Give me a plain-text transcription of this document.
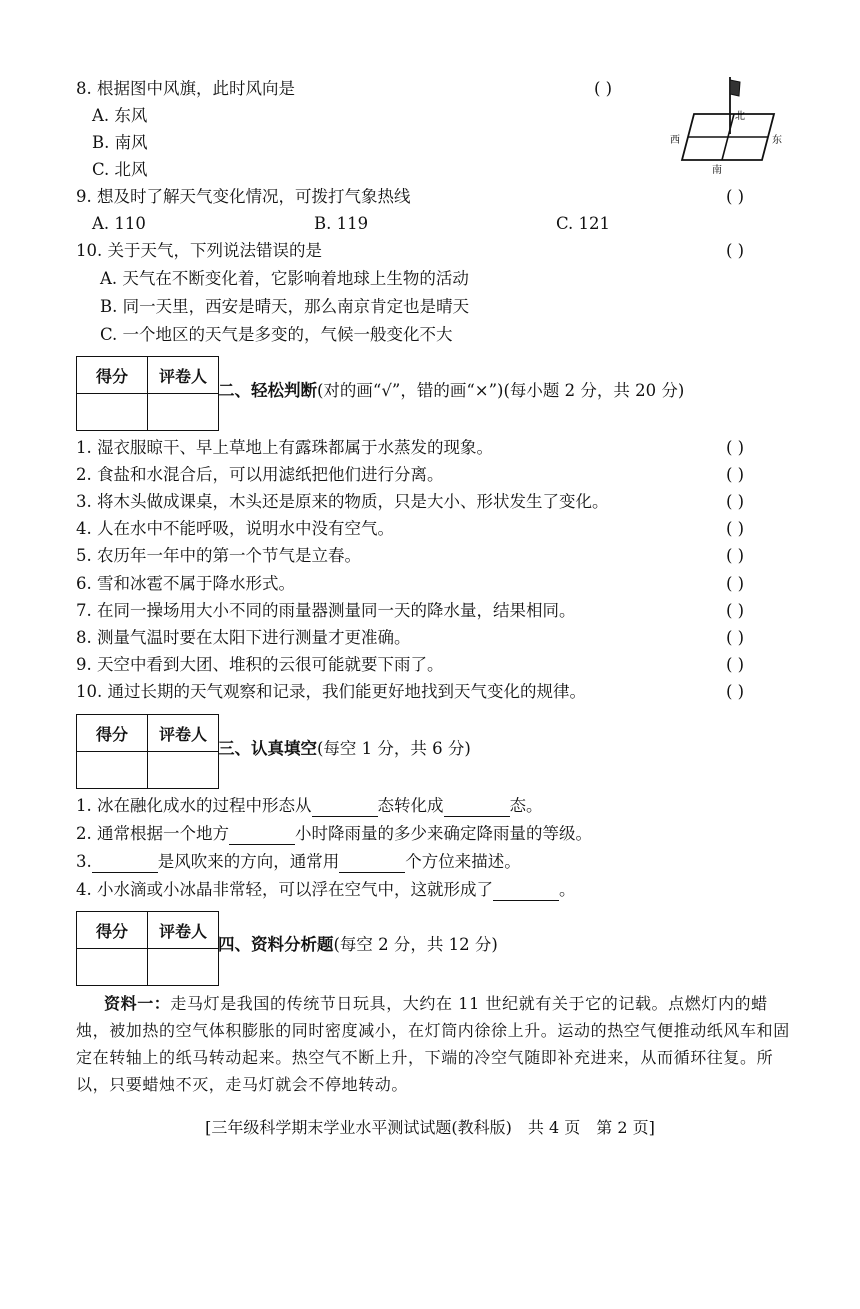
8. 根据图中风旗，此时风向是	( )
A. 东风
B. 南风
C. 北风
北
东
南
西
9. 想及时了解天气变化情况，可拨打气象热线	( )
A. 110	B. 119	C. 121
10. 关于天气，下列说法错误的是	( )
A. 天气在不断变化着，它影响着地球上生物的活动
B. 同一天里，西安是晴天，那么南京肯定也是晴天
C. 一个地区的天气是多变的，气候一般变化不大
得分	评卷人

二、轻松判断(对的画“√”，错的画“×”)(每小题 2 分，共 20 分)
1. 湿衣服晾干、早上草地上有露珠都属于水蒸发的现象。	( )
2. 食盐和水混合后，可以用滤纸把他们进行分离。	( )
3. 将木头做成课桌，木头还是原来的物质，只是大小、形状发生了变化。	( )
4. 人在水中不能呼吸，说明水中没有空气。	( )
5. 农历年一年中的第一个节气是立春。	( )
6. 雪和冰雹不属于降水形式。	( )
7. 在同一操场用大小不同的雨量器测量同一天的降水量，结果相同。	( )
8. 测量气温时要在太阳下进行测量才更准确。	( )
9. 天空中看到大团、堆积的云很可能就要下雨了。	( )
10. 通过长期的天气观察和记录，我们能更好地找到天气变化的规律。	( )
得分	评卷人

三、认真填空(每空 1 分，共 6 分)
1. 冰在融化成水的过程中形态从	态转化成	态。
2. 通常根据一个地方	小时降雨量的多少来确定降雨量的等级。
3.	是风吹来的方向，通常用	个方位来描述。
4. 小水滴或小冰晶非常轻，可以浮在空气中，这就形成了	。
得分	评卷人

四、资料分析题(每空 2 分，共 12 分)
资料一：走马灯是我国的传统节日玩具，大约在 11 世纪就有关于它的记载。点燃灯内的蜡烛，被加热的空气体积膨胀的同时密度减小，在灯筒内徐徐上升。运动的热空气便推动纸风车和固定在转轴上的纸马转动起来。热空气不断上升，下端的冷空气随即补充进来，从而循环往复。所以，只要蜡烛不灭，走马灯就会不停地转动。
[三年级科学期末学业水平测试试题(教科版)　共 4 页　第 2 页]
